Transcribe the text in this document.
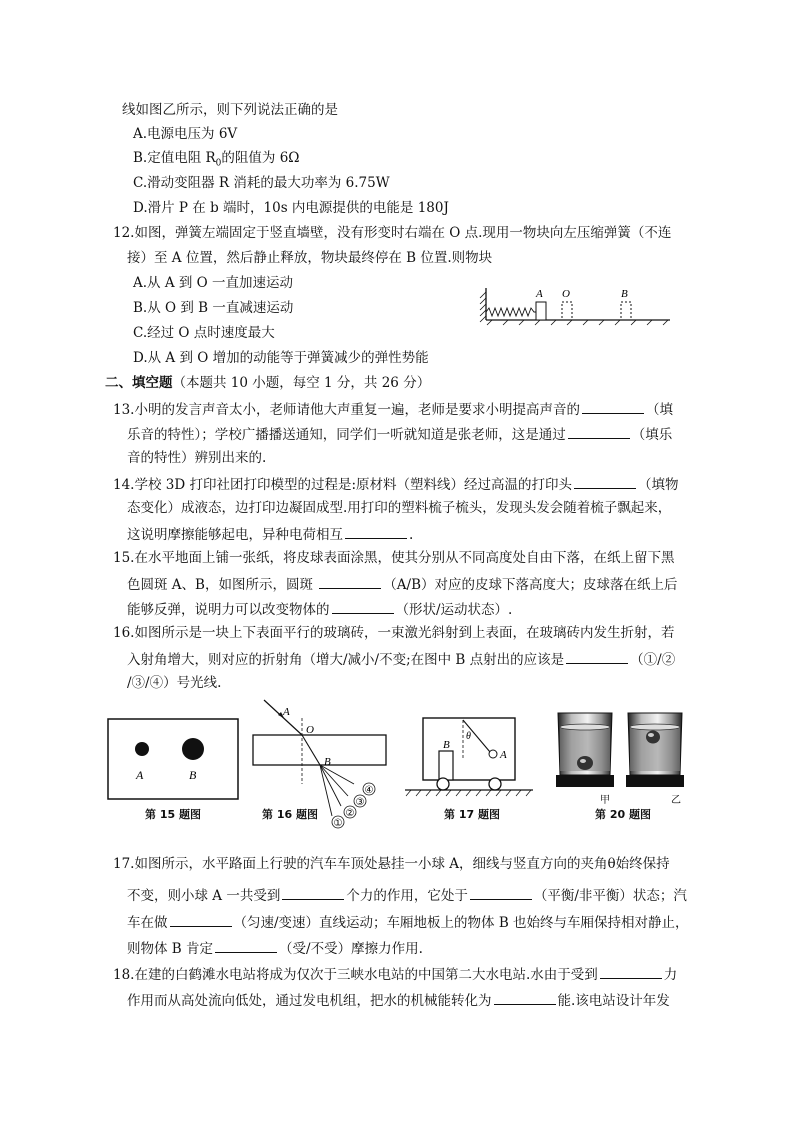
线如图乙所示，则下列说法正确的是
A.电源电压为 6V
B.定值电阻 $R_0$的阻值为 6Ω
C.滑动变阻器 R 消耗的最大功率为 6.75W
D.滑片 P 在 b 端时，10s 内电源提供的电能是 180J
12.如图，弹簧左端固定于竖直墙壁，没有形变时右端在 O 点.现用一物块向左压缩弹簧（不连
接）至 A 位置，然后静止释放，物块最终停在 B 位置.则物块
A.从 A 到 O 一直加速运动
B.从 O 到 B 一直减速运动
C.经过 O 点时速度最大
D.从 A 到 O 增加的动能等于弹簧减少的弹性势能
A O	B
二、填空题（本题共 10 小题，每空 1 分，共 26 分）
13.小明的发言声音太小，老师请他大声重复一遍，老师是要求小明提高声音的	（填
乐音的特性）；学校广播播送通知，同学们一听就知道是张老师，这是通过	（填乐
音的特性）辨别出来的.
14.学校 3D 打印社团打印模型的过程是:原材料（塑料线）经过高温的打印头	（填物
态变化）成液态，边打印边凝固成型.用打印的塑料梳子梳头，发现头发会随着梳子飘起来，
这说明摩擦能够起电，异种电荷相互	.
15.在水平地面上铺一张纸，将皮球表面涂黑，使其分别从不同高度处自由下落，在纸上留下黑
色圆斑 A、B，如图所示，圆斑	（A/B）对应的皮球下落高度大；皮球落在纸上后
能够反弹，说明力可以改变物体的	（形状/运动状态）.
16.如图所示是一块上下表面平行的玻璃砖，一束激光斜射到上表面，在玻璃砖内发生折射，若
入射角增大，则对应的折射角（增大/减小/不变;在图中 B 点射出的应该是	（①/②
/③/④）号光线.
A	B
第 15 题图
①
②
③
④
A
O
B
第 16 题图
B
θ
A
第 17 题图
甲	乙
第 20 题图
17.如图所示，水平路面上行驶的汽车车顶处悬挂一小球 A，细线与竖直方向的夹角θ始终保持
不变，则小球 A 一共受到	个力的作用，它处于	（平衡/非平衡）状态；汽
车在做	（匀速/变速）直线运动；车厢地板上的物体 B 也始终与车厢保持相对静止，
则物体 B 肯定	（受/不受）摩擦力作用.
18.在建的白鹤滩水电站将成为仅次于三峡水电站的中国第二大水电站.水由于受到	力
作用而从高处流向低处，通过发电机组，把水的机械能转化为	能.该电站设计年发
